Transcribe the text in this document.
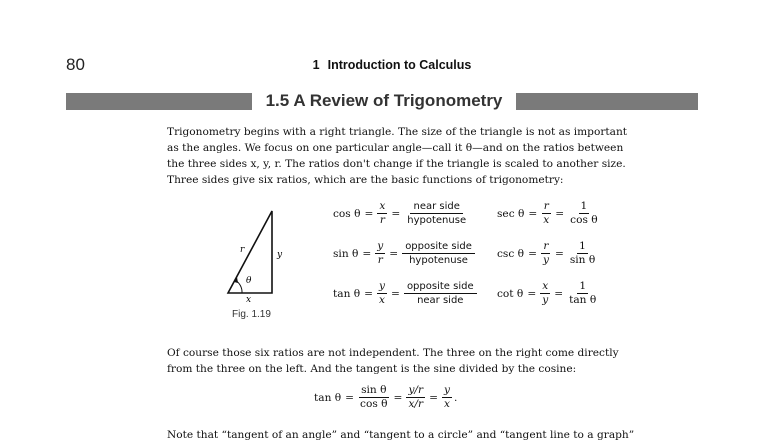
80	1 Introduction to Calculus
1.5 A Review of Trigonometry
Trigonometry begins with a right triangle. The size of the triangle is not as important
as the angles. We focus on one particular angle—call it θ—and on the ratios between
the three sides x, y, r. The ratios don't change if the triangle is scaled to another size.
Three sides give six ratios, which are the basic functions of trigonometry:
r	y
x
θ
Fig. 1.19
$\cos \theta = \frac{x}{r} = \frac{\text{near side}}{\text{hypotenuse}}$
$\sin \theta = \frac{y}{r} = \frac{\text{opposite side}}{\text{hypotenuse}}$
$\tan \theta = \frac{y}{x} = \frac{\text{opposite side}}{\text{near side}}$
$\sec \theta = \frac{r}{x} = \frac{1}{\text{cos θ}}$
$\csc \theta = \frac{r}{y} = \frac{1}{\text{sin θ}}$
$\cot \theta = \frac{x}{y} = \frac{1}{\text{tan θ}}$
Of course those six ratios are not independent. The three on the right come directly
from the three on the left. And the tangent is the sine divided by the cosine:
$\tan \theta = \frac{\text{sin θ}}{\text{cos θ}} = \frac{y/r}{x/r} = \frac{y}{x}$ .
Note that “tangent of an angle” and “tangent to a circle” and “tangent line to a graph”
